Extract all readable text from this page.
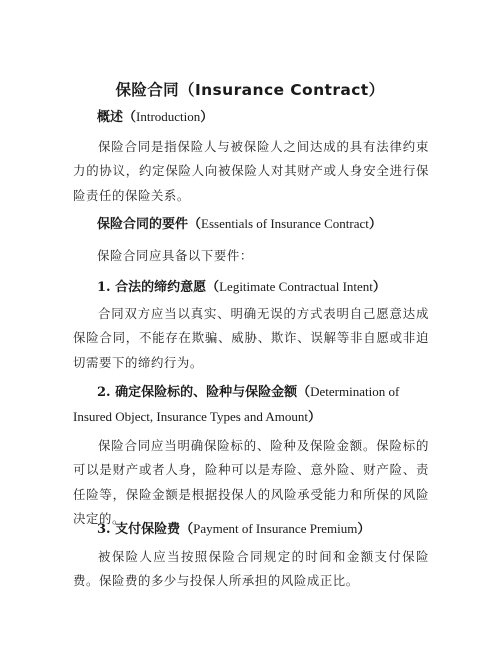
保险合同（Insurance Contract）
概述（Introduction）
保险合同是指保险人与被保险人之间达成的具有法律约束力的协议，约定保险人向被保险人对其财产或人身安全进行保险责任的保险关系。
保险合同的要件（Essentials of Insurance Contract）
保险合同应具备以下要件：
1. 合法的缔约意愿（Legitimate Contractual Intent）
合同双方应当以真实、明确无误的方式表明自己愿意达成保险合同，不能存在欺骗、威胁、欺诈、误解等非自愿或非迫切需要下的缔约行为。
2. 确定保险标的、险种与保险金额（Determination of Insured Object, Insurance Types and Amount）
保险合同应当明确保险标的、险种及保险金额。保险标的可以是财产或者人身，险种可以是寿险、意外险、财产险、责任险等，保险金额是根据投保人的风险承受能力和所保的风险决定的。
3. 支付保险费（Payment of Insurance Premium）
被保险人应当按照保险合同规定的时间和金额支付保险费。保险费的多少与投保人所承担的风险成正比。
